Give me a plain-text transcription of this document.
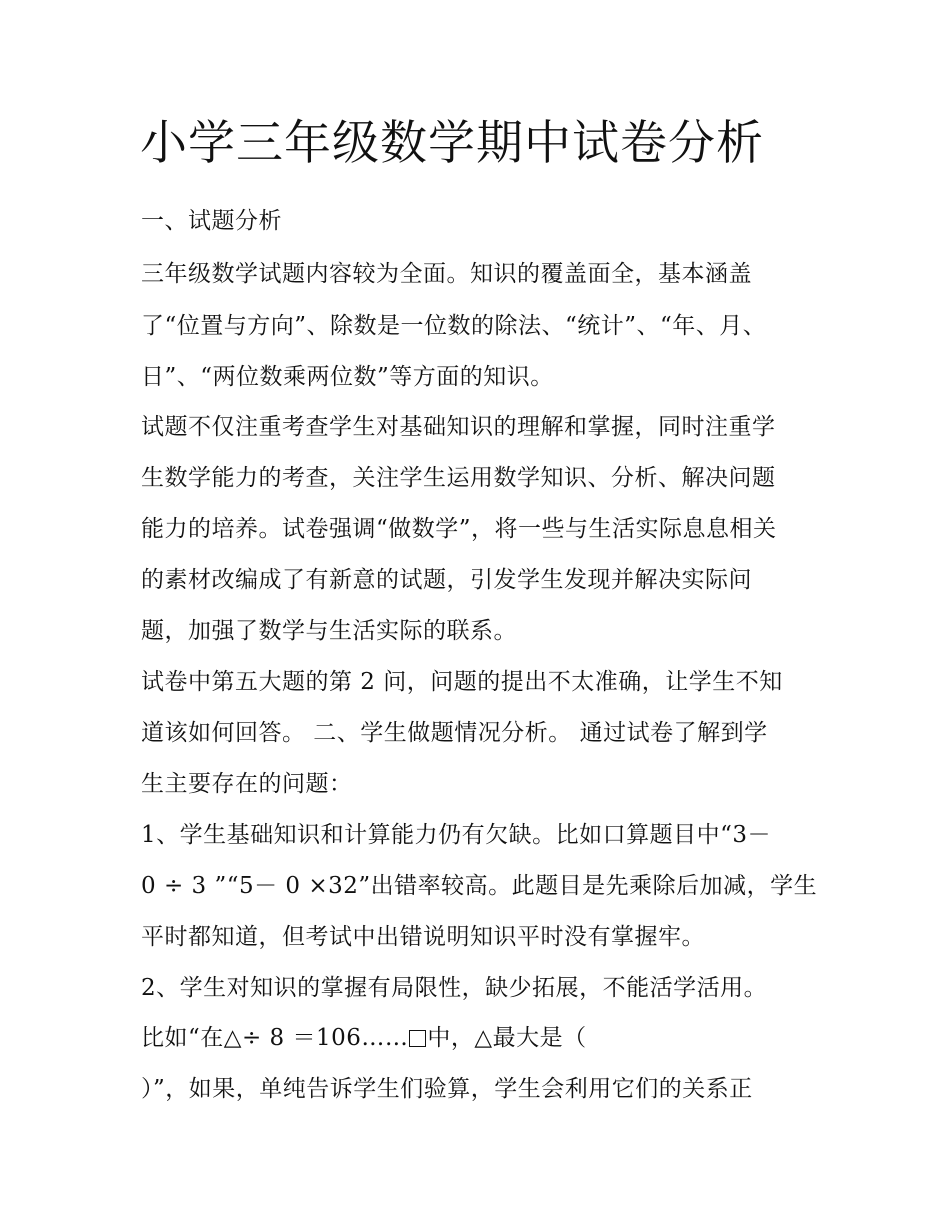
小学三年级数学期中试卷分析
一、试题分析
三年级数学试题内容较为全面。知识的覆盖面全，基本涵盖
了“位置与方向”、除数是一位数的除法、“统计”、“年、月、
日”、“两位数乘两位数”等方面的知识。
试题不仅注重考查学生对基础知识的理解和掌握，同时注重学
生数学能力的考查，关注学生运用数学知识、分析、解决问题
能力的培养。试卷强调“做数学”，将一些与生活实际息息相关
的素材改编成了有新意的试题，引发学生发现并解决实际问
题，加强了数学与生活实际的联系。
试卷中第五大题的第 2 问，问题的提出不太准确，让学生不知
道该如何回答。 二、学生做题情况分析。 通过试卷了解到学
生主要存在的问题：
1、学生基础知识和计算能力仍有欠缺。比如口算题目中“3－
0 ÷ 3 ”“5－ 0 ×32”出错率较高。此题目是先乘除后加减，学生
平时都知道，但考试中出错说明知识平时没有掌握牢。
2、学生对知识的掌握有局限性，缺少拓展，不能活学活用。
比如“在△÷ 8 ＝106…… 中，△最大是（
）”，如果，单纯告诉学生们验算，学生会利用它们的关系正
